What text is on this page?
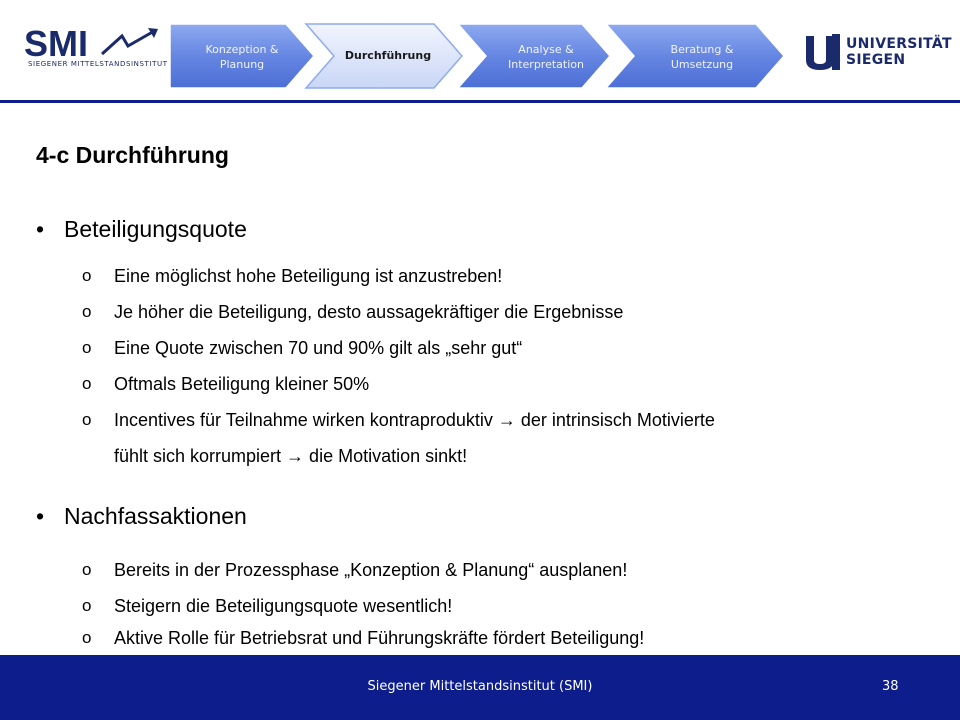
SMI
SIEGENER MITTELSTANDSINSTITUT
Konzeption & Planung
Durchführung	Analyse & Interpretation
Beratung & Umsetzung
UNIVERSITÄT
SIEGEN
4-c Durchführung
• Beteiligungsquote
o Eine möglichst hohe Beteiligung ist anzustreben!
o Je höher die Beteiligung, desto aussagekräftiger die Ergebnisse
o Eine Quote zwischen 70 und 90% gilt als „sehr gut“
o Oftmals Beteiligung kleiner 50%
o Incentives für Teilnahme wirken kontraproduktiv → der intrinsisch Motivierte
fühlt sich korrumpiert → die Motivation sinkt!
• Nachfassaktionen
o Bereits in der Prozessphase „Konzeption & Planung“ ausplanen!
o Steigern die Beteiligungsquote wesentlich!
o Aktive Rolle für Betriebsrat und Führungskräfte fördert Beteiligung!
Siegener Mittelstandsinstitut (SMI)	38
